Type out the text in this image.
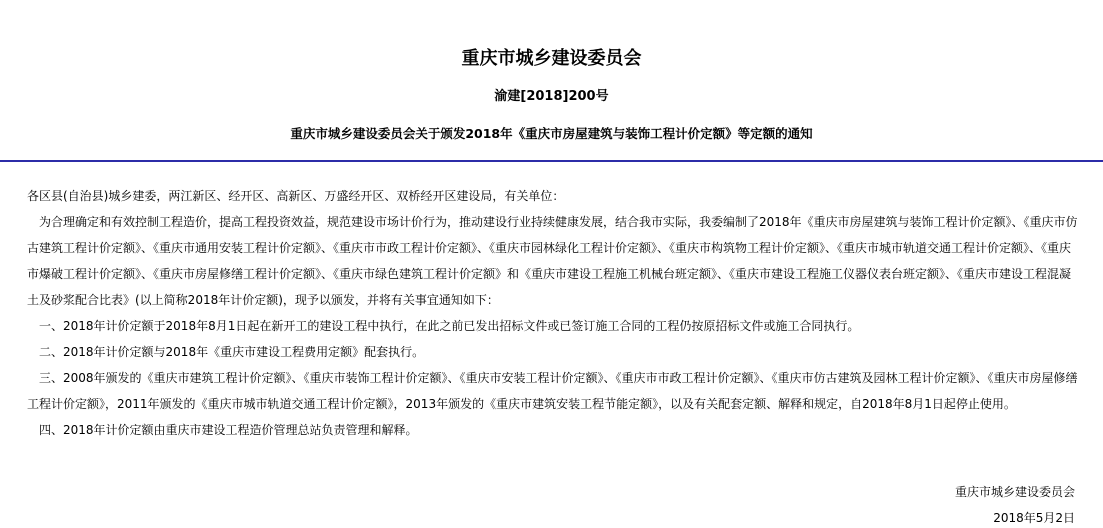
重庆市城乡建设委员会
渝建[2018]200号
重庆市城乡建设委员会关于颁发2018年《重庆市房屋建筑与装饰工程计价定额》等定额的通知

各区县(自治县)城乡建委，两江新区、经开区、高新区、万盛经开区、双桥经开区建设局，有关单位：

为合理确定和有效控制工程造价，提高工程投资效益，规范建设市场计价行为，推动建设行业持续健康发展，结合我市实际，我委编制了2018年《重庆市房屋建筑与装饰工程计价定额》、《重庆市仿古建筑工程计价定额》、《重庆市通用安装工程计价定额》、《重庆市市政工程计价定额》、《重庆市园林绿化工程计价定额》、《重庆市构筑物工程计价定额》、《重庆市城市轨道交通工程计价定额》、《重庆市爆破工程计价定额》、《重庆市房屋修缮工程计价定额》、《重庆市绿色建筑工程计价定额》和《重庆市建设工程施工机械台班定额》、《重庆市建设工程施工仪器仪表台班定额》、《重庆市建设工程混凝土及砂浆配合比表》(以上简称2018年计价定额)，现予以颁发，并将有关事宜通知如下：

一、2018年计价定额于2018年8月1日起在新开工的建设工程中执行，在此之前已发出招标文件或已签订施工合同的工程仍按原招标文件或施工合同执行。

二、2018年计价定额与2018年《重庆市建设工程费用定额》配套执行。

三、2008年颁发的《重庆市建筑工程计价定额》、《重庆市装饰工程计价定额》、《重庆市安装工程计价定额》、《重庆市市政工程计价定额》、《重庆市仿古建筑及园林工程计价定额》、《重庆市房屋修缮工程计价定额》，2011年颁发的《重庆市城市轨道交通工程计价定额》，2013年颁发的《重庆市建筑安装工程节能定额》，以及有关配套定额、解释和规定，自2018年8月1日起停止使用。

四、2018年计价定额由重庆市建设工程造价管理总站负责管理和解释。

重庆市城乡建设委员会
2018年5月2日
